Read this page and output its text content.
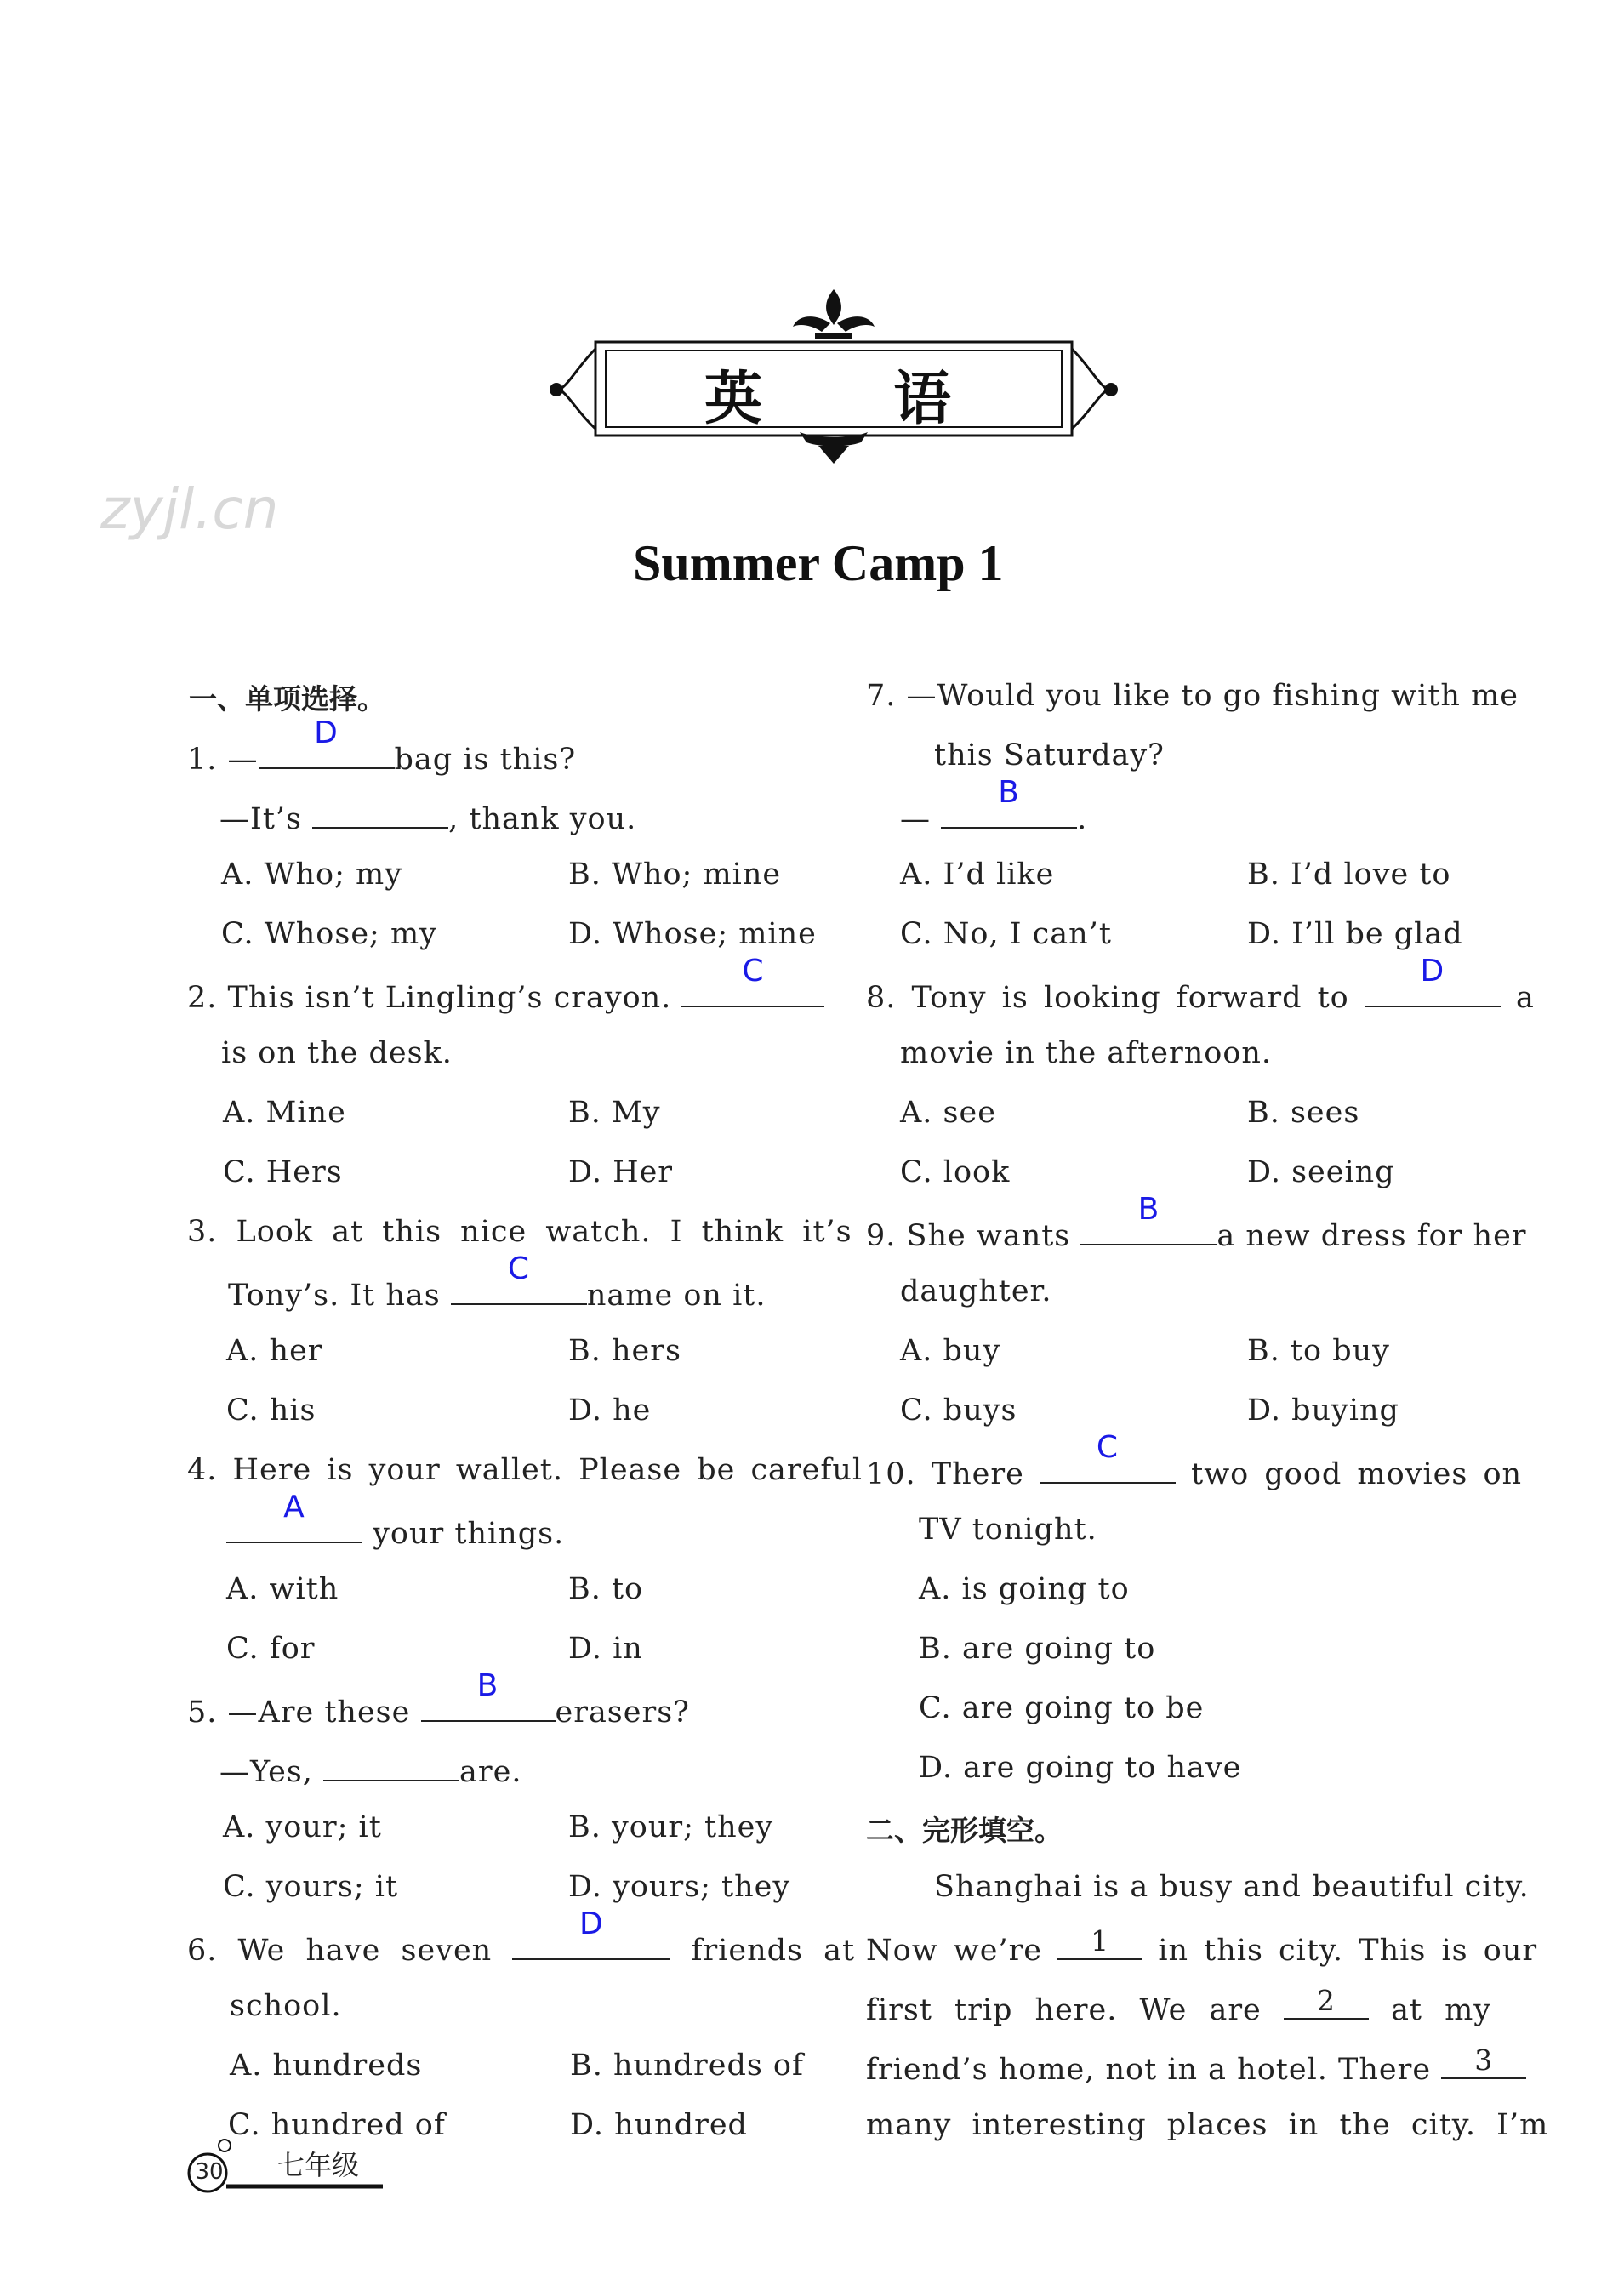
zyjl.cn
英 语
Summer Camp 1
一、单项选择。
1. —
D
bag is this?
—It’s	, thank you.
A. Who; my	B. Who; mine
C. Whose; my	D. Whose; mine
2. This isn’t Lingling’s crayon.
C
is on the desk.
A. Mine	B. My
C. Hers	D. Her
3. Look at this nice watch. I think it’s
Tony’s. It has
C
name on it.
A. her	B. hers
C. his	D. he
4. Here is your wallet. Please be careful
A
your things.
A. with	B. to
C. for	D. in
5. —Are these
B
erasers?
—Yes,	are.
A. your; it	B. your; they
C. yours; it	D. yours; they
6. We have seven
D
friends at
school.
A. hundreds	B. hundreds of
C. hundred of	D. hundred
7. —Would you like to go fishing with me
this Saturday?
—
B
.
A. I’d like	B. I’d love to
C. No, I can’t	D. I’ll be glad
8. Tony is looking forward to
D
a
movie in the afternoon.
A. see	B. sees
C. look	D. seeing
9. She wants
B
a new dress for her
daughter.
A. buy	B. to buy
C. buys	D. buying
10. There
C
two good movies on
TV tonight.
A. is going to
B. are going to
C. are going to be
D. are going to have
二、完形填空。
Shanghai is a busy and beautiful city.
Now we’re	1	in this city. This is our
first trip here. We are	2	at my
friend’s home, not in a hotel. There	3
many interesting places in the city. I’m
30 七年级
